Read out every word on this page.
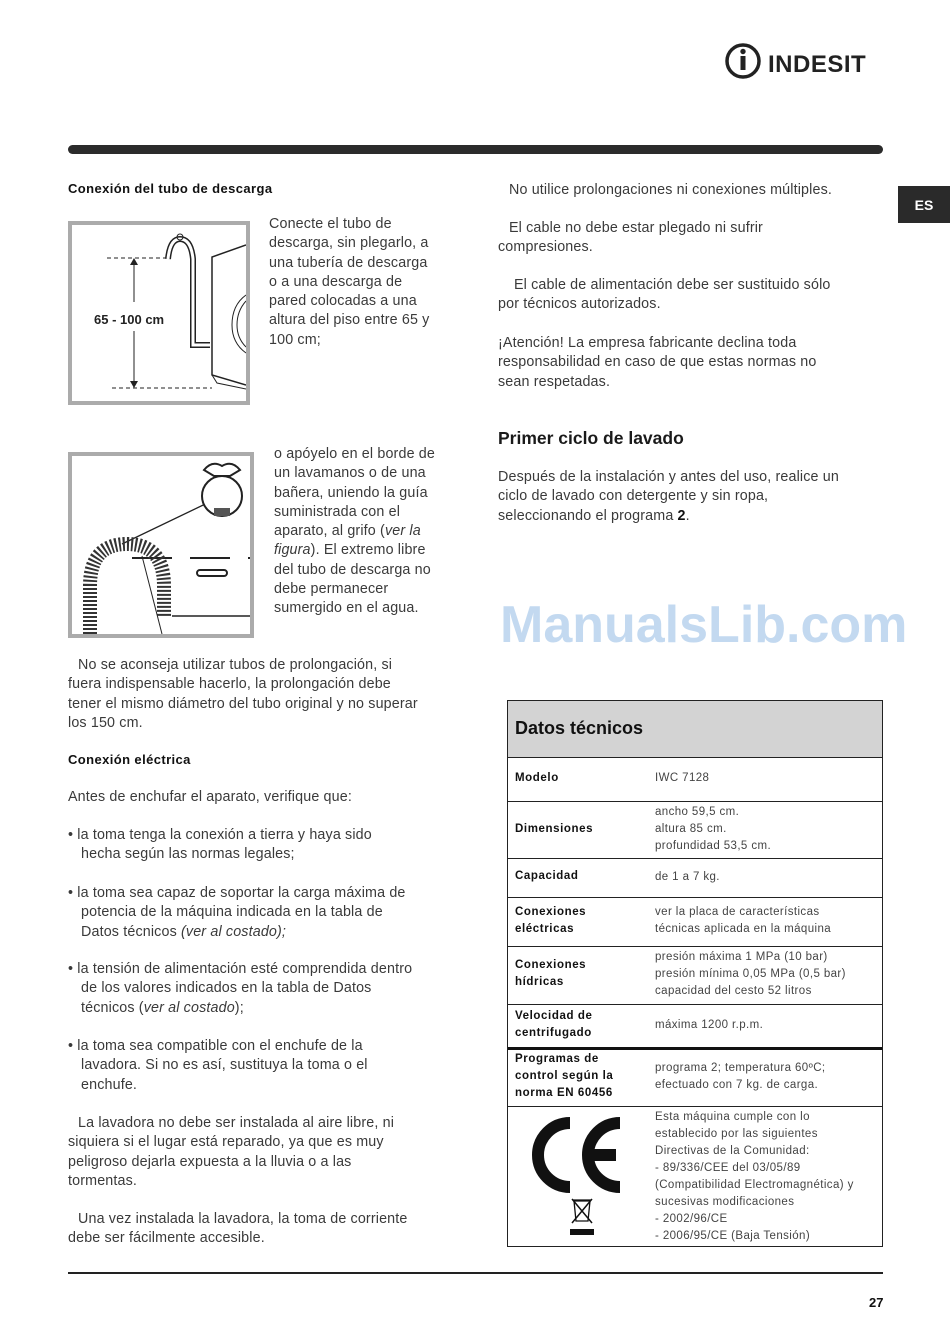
INDESIT
ES
Conexión del tubo de descarga
65 - 100 cm
Conecte el tubo de
descarga, sin plegarlo, a
una tubería de descarga
o a una descarga de
pared colocadas a una
altura del piso entre 65 y
100 cm;
o apóyelo en el borde de
un lavamanos o de una
bañera, uniendo la guía
suministrada con el
aparato, al grifo (ver la
figura). El extremo libre
del tubo de descarga no
debe permanecer
sumergido en el agua.
No se aconseja utilizar tubos de prolongación, si
fuera indispensable hacerlo, la prolongación debe
tener el mismo diámetro del tubo original y no superar
los 150 cm.
Conexión eléctrica
Antes de enchufar el aparato, verifique que:
• la toma tenga la conexión a tierra y haya sido
hecha según las normas legales;
• la toma sea capaz de soportar la carga máxima de
potencia de la máquina indicada en la tabla de
Datos técnicos (ver al costado);
• la tensión de alimentación esté comprendida dentro
de los valores indicados en la tabla de Datos
técnicos (ver al costado);
• la toma sea compatible con el enchufe de la
lavadora. Si no es así, sustituya la toma o el
enchufe.
La lavadora no debe ser instalada al aire libre, ni
siquiera si el lugar está reparado, ya que es muy
peligroso dejarla expuesta a la lluvia o a las
tormentas.
Una vez instalada la lavadora, la toma de corriente
debe ser fácilmente accesible.
No utilice prolongaciones ni conexiones múltiples.
El cable no debe estar plegado ni sufrir
compresiones.
El cable de alimentación debe ser sustituido sólo
por técnicos autorizados.
¡Atención! La empresa fabricante declina toda
responsabilidad en caso de que estas normas no
sean respetadas.
Primer ciclo de lavado
Después de la instalación y antes del uso, realice un
ciclo de lavado con detergente y sin ropa,
seleccionando el programa 2.
ManualsLib.com
Datos técnicos
Modelo	IWC 7128
Dimensiones
ancho 59,5 cm.
altura 85 cm.
profundidad 53,5 cm.
Capacidad	de 1 a 7 kg.
Conexiones
eléctricas
ver la placa de características
técnicas aplicada en la máquina
Conexiones
hídricas
presión máxima 1 MPa (10 bar)
presión mínima 0,05 MPa (0,5 bar)
capacidad del cesto 52 litros
Velocidad de
centrifugado
máxima 1200 r.p.m.
Programas de
control según la
norma EN 60456
programa 2; temperatura 60ºC;
efectuado con 7 kg. de carga.
Esta máquina cumple con lo
establecido por las siguientes
Directivas de la Comunidad:
- 89/336/CEE del 03/05/89
(Compatibilidad Electromagnética) y
sucesivas modificaciones
- 2002/96/CE
- 2006/95/CE (Baja Tensión)
27
